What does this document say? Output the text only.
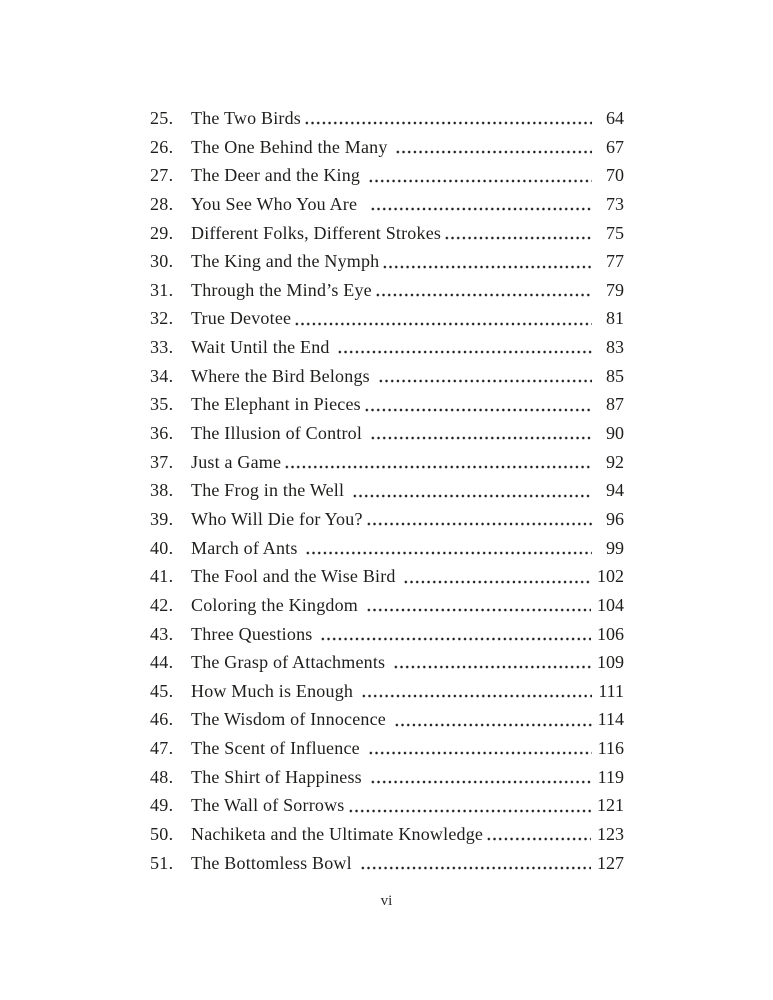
25. The Two Birds	64
26. The One Behind the Many	67
27. The Deer and the King	70
28. You See Who You Are	73
29. Different Folks, Different Strokes	75
30. The King and the Nymph	77
31. Through the Mind’s Eye	79
32. True Devotee	81
33. Wait Until the End	83
34. Where the Bird Belongs	85
35. The Elephant in Pieces	87
36. The Illusion of Control	90
37. Just a Game	92
38. The Frog in the Well	94
39. Who Will Die for You?	96
40. March of Ants	99
41. The Fool and the Wise Bird	102
42. Coloring the Kingdom	104
43. Three Questions	106
44. The Grasp of Attachments	109
45. How Much is Enough	111
46. The Wisdom of Innocence	114
47. The Scent of Influence	116
48. The Shirt of Happiness	119
49. The Wall of Sorrows	121
50. Nachiketa and the Ultimate Knowledge	123
51. The Bottomless Bowl	127
vi
